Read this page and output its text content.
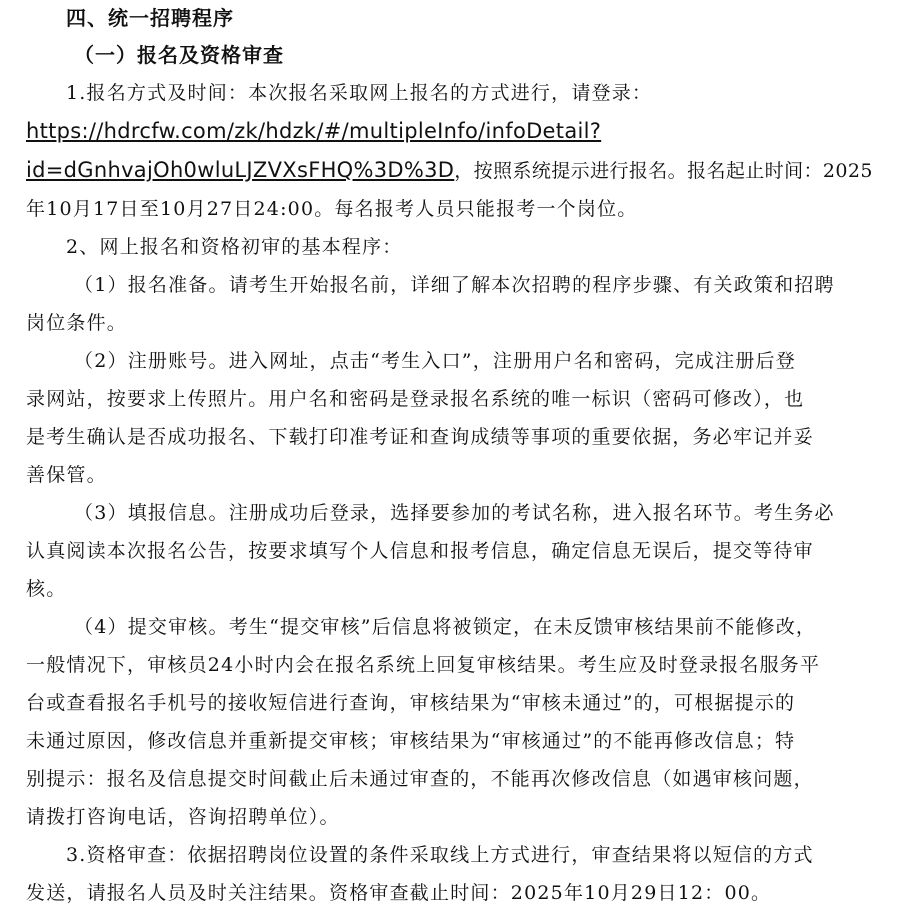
四、统一招聘程序
（一）报名及资格审查
1.报名方式及时间：本次报名采取网上报名的方式进行，请登录：
https://hdrcfw.com/zk/hdzk/#/multipleInfo/infoDetail?
id=dGnhvajOh0wluLJZVXsFHQ%3D%3D，按照系统提示进行报名。报名起止时间：2025
年10月17日至10月27日24:00。每名报考人员只能报考一个岗位。
2、网上报名和资格初审的基本程序：
（1）报名准备。请考生开始报名前，详细了解本次招聘的程序步骤、有关政策和招聘
岗位条件。
（2）注册账号。进入网址，点击“考生入口”，注册用户名和密码，完成注册后登
录网站，按要求上传照片。用户名和密码是登录报名系统的唯一标识（密码可修改），也
是考生确认是否成功报名、下载打印准考证和查询成绩等事项的重要依据，务必牢记并妥
善保管。
（3）填报信息。注册成功后登录，选择要参加的考试名称，进入报名环节。考生务必
认真阅读本次报名公告，按要求填写个人信息和报考信息，确定信息无误后，提交等待审
核。
（4）提交审核。考生“提交审核”后信息将被锁定，在未反馈审核结果前不能修改，
一般情况下，审核员24小时内会在报名系统上回复审核结果。考生应及时登录报名服务平
台或查看报名手机号的接收短信进行查询，审核结果为“审核未通过”的，可根据提示的
未通过原因，修改信息并重新提交审核；审核结果为“审核通过”的不能再修改信息；特
别提示：报名及信息提交时间截止后未通过审查的，不能再次修改信息（如遇审核问题，
请拨打咨询电话，咨询招聘单位）。
3.资格审查：依据招聘岗位设置的条件采取线上方式进行，审查结果将以短信的方式
发送，请报名人员及时关注结果。资格审查截止时间：2025年10月29日12：00。
